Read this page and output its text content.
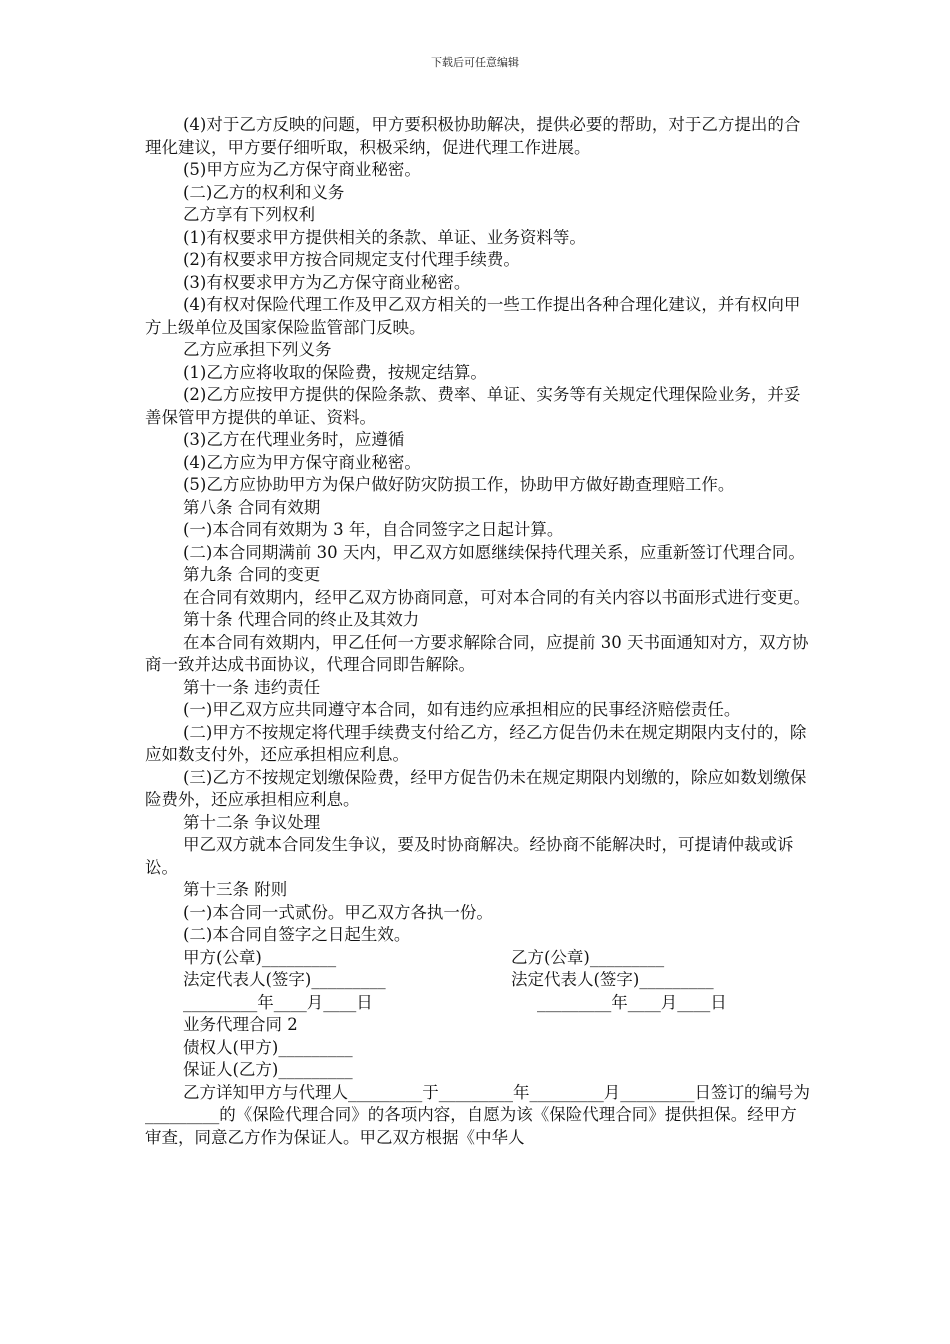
下载后可任意编辑

(4)对于乙方反映的问题，甲方要积极协助解决，提供必要的帮助，对于乙方提出的合理化建议，甲方要仔细听取，积极采纳，促进代理工作进展。

(5)甲方应为乙方保守商业秘密。

(二)乙方的权利和义务

乙方享有下列权利

(1)有权要求甲方提供相关的条款、单证、业务资料等。

(2)有权要求甲方按合同规定支付代理手续费。

(3)有权要求甲方为乙方保守商业秘密。

(4)有权对保险代理工作及甲乙双方相关的一些工作提出各种合理化建议，并有权向甲方上级单位及国家保险监管部门反映。

乙方应承担下列义务

(1)乙方应将收取的保险费，按规定结算。

(2)乙方应按甲方提供的保险条款、费率、单证、实务等有关规定代理保险业务，并妥善保管甲方提供的单证、资料。

(3)乙方在代理业务时，应遵循

(4)乙方应为甲方保守商业秘密。

(5)乙方应协助甲方为保户做好防灾防损工作，协助甲方做好勘查理赔工作。

第八条 合同有效期

(一)本合同有效期为 3 年，自合同签字之日起计算。

(二)本合同期满前 30 天内，甲乙双方如愿继续保持代理关系，应重新签订代理合同。

第九条 合同的变更

在合同有效期内，经甲乙双方协商同意，可对本合同的有关内容以书面形式进行变更。

第十条 代理合同的终止及其效力

在本合同有效期内，甲乙任何一方要求解除合同，应提前 30 天书面通知对方，双方协商一致并达成书面协议，代理合同即告解除。

第十一条 违约责任

(一)甲乙双方应共同遵守本合同，如有违约应承担相应的民事经济赔偿责任。

(二)甲方不按规定将代理手续费支付给乙方，经乙方促告仍未在规定期限内支付的，除应如数支付外，还应承担相应利息。

(三)乙方不按规定划缴保险费，经甲方促告仍未在规定期限内划缴的，除应如数划缴保险费外，还应承担相应利息。

第十二条 争议处理

甲乙双方就本合同发生争议，要及时协商解决。经协商不能解决时，可提请仲裁或诉讼。

第十三条 附则

(一)本合同一式贰份。甲乙双方各执一份。

(二)本合同自签字之日起生效。

甲方(公章)_________	乙方(公章)_________
法定代表人(签字)_________	法定代表人(签字)_________
_________年____月____日	_________年____月____日

业务代理合同 2

债权人(甲方)_________

保证人(乙方)_________

乙方详知甲方与代理人_________于_________年_________月_________日签订的编号为_________的《保险代理合同》的各项内容，自愿为该《保险代理合同》提供担保。经甲方审查，同意乙方作为保证人。甲乙双方根据《中华人
